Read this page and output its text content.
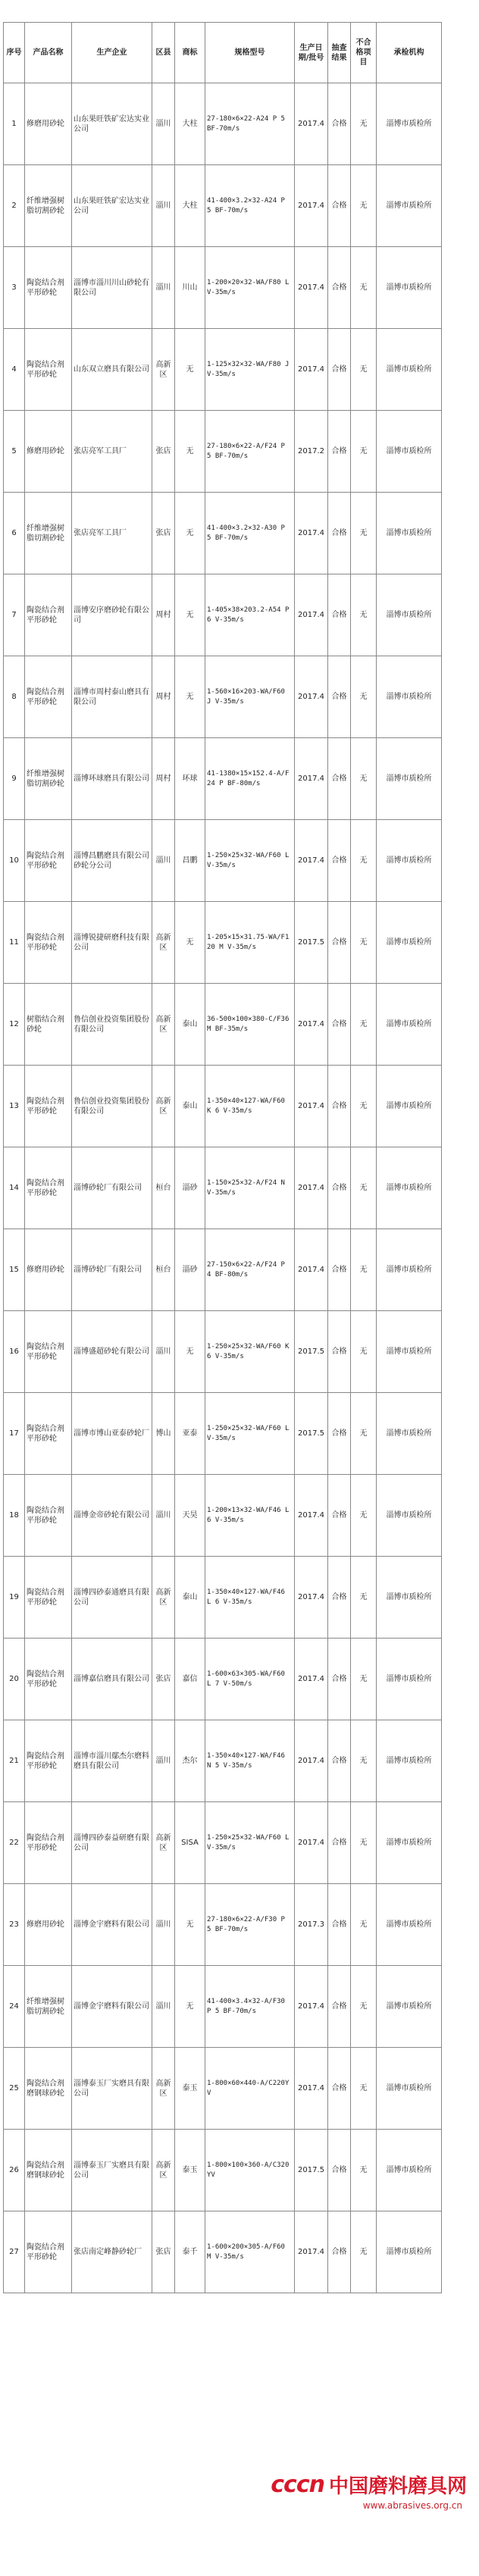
序号	产品名称	生产企业	区县	商标	规格型号	生产日期/批号	抽查结果	不合格项目	承检机构
1	修磨用砂轮	山东果旺铁矿宏达实业公司	淄川	大柱	27-180×6×22-A24 P 5 BF-70m/s	2017.4	合格	无	淄博市质检所
2	纤维增强树脂切割砂轮	山东果旺铁矿宏达实业公司	淄川	大柱	41-400×3.2×32-A24 P 5 BF-70m/s	2017.4	合格	无	淄博市质检所
3	陶瓷结合剂平形砂轮	淄博市淄川川山砂轮有限公司	淄川	川山	1-200×20×32-WA/F80 L V-35m/s	2017.4	合格	无	淄博市质检所
4	陶瓷结合剂平形砂轮	山东双立磨具有限公司	高新区	无	1-125×32×32-WA/F80 J V-35m/s	2017.4	合格	无	淄博市质检所
5	修磨用砂轮	张店亮军工具厂	张店	无	27-180×6×22-A/F24 P 5 BF-70m/s	2017.2	合格	无	淄博市质检所
6	纤维增强树脂切割砂轮	张店亮军工具厂	张店	无	41-400×3.2×32-A30 P 5 BF-70m/s	2017.4	合格	无	淄博市质检所
7	陶瓷结合剂平形砂轮	淄博安序磨砂轮有限公司	周村	无	1-405×38×203.2-A54 P 6 V-35m/s	2017.4	合格	无	淄博市质检所
8	陶瓷结合剂平形砂轮	淄博市周村泰山磨具有限公司	周村	无	1-560×16×203-WA/F60 J V-35m/s	2017.4	合格	无	淄博市质检所
9	纤维增强树脂切割砂轮	淄博环球磨具有限公司	周村	环球	41-1380×15×152.4-A/F24 P BF-80m/s	2017.4	合格	无	淄博市质检所
10	陶瓷结合剂平形砂轮	淄博昌鹏磨具有限公司砂轮分公司	淄川	昌鹏	1-250×25×32-WA/F60 L V-35m/s	2017.4	合格	无	淄博市质检所
11	陶瓷结合剂平形砂轮	淄博锐捷研磨科技有限公司	高新区	无	1-205×15×31.75-WA/F120 M V-35m/s	2017.5	合格	无	淄博市质检所
12	树脂结合剂砂轮	鲁信创业投资集团股份有限公司	高新区	泰山	36-500×100×380-C/F36 M BF-35m/s	2017.4	合格	无	淄博市质检所
13	陶瓷结合剂平形砂轮	鲁信创业投资集团股份有限公司	高新区	泰山	1-350×40×127-WA/F60 K 6 V-35m/s	2017.4	合格	无	淄博市质检所
14	陶瓷结合剂平形砂轮	淄博砂轮厂有限公司	桓台	淄砂	1-150×25×32-A/F24 N V-35m/s	2017.4	合格	无	淄博市质检所
15	修磨用砂轮	淄博砂轮厂有限公司	桓台	淄砂	27-150×6×22-A/F24 P 4 BF-80m/s	2017.4	合格	无	淄博市质检所
16	陶瓷结合剂平形砂轮	淄博盛超砂轮有限公司	淄川	无	1-250×25×32-WA/F60 K 6 V-35m/s	2017.5	合格	无	淄博市质检所
17	陶瓷结合剂平形砂轮	淄博市博山亚泰砂轮厂	博山	亚泰	1-250×25×32-WA/F60 L V-35m/s	2017.5	合格	无	淄博市质检所
18	陶瓷结合剂平形砂轮	淄博金帝砂轮有限公司	淄川	天昊	1-200×13×32-WA/F46 L 6 V-35m/s	2017.4	合格	无	淄博市质检所
19	陶瓷结合剂平形砂轮	淄博四砂泰通磨具有限公司	高新区	泰山	1-350×40×127-WA/F46 L 6 V-35m/s	2017.4	合格	无	淄博市质检所
20	陶瓷结合剂平形砂轮	淄博嘉信磨具有限公司	张店	嘉信	1-600×63×305-WA/F60 L 7 V-50m/s	2017.4	合格	无	淄博市质检所
21	陶瓷结合剂平形砂轮	淄博市淄川鄢杰尔磨料磨具有限公司	淄川	杰尔	1-350×40×127-WA/F46 N 5 V-35m/s	2017.4	合格	无	淄博市质检所
22	陶瓷结合剂平形砂轮	淄博四砂泰益研磨有限公司	高新区	SISA	1-250×25×32-WA/F60 L V-35m/s	2017.4	合格	无	淄博市质检所
23	修磨用砂轮	淄博金宇磨料有限公司	淄川	无	27-180×6×22-A/F30 P 5 BF-70m/s	2017.3	合格	无	淄博市质检所
24	纤维增强树脂切割砂轮	淄博金宇磨料有限公司	淄川	无	41-400×3.4×32-A/F30 P 5 BF-70m/s	2017.4	合格	无	淄博市质检所
25	陶瓷结合剂磨钢球砂轮	淄博泰玉厂实磨具有限公司	高新区	泰玉	1-800×60×440-A/C220YV	2017.4	合格	无	淄博市质检所
26	陶瓷结合剂磨钢球砂轮	淄博泰玉厂实磨具有限公司	高新区	泰玉	1-800×100×360-A/C320YV	2017.5	合格	无	淄博市质检所
27	陶瓷结合剂平形砂轮	张店南定峰静砂轮厂	张店	泰千	1-600×200×305-A/F60 M V-35m/s	2017.4	合格	无	淄博市质检所
cccn 中国磨料磨具网
www.abrasives.org.cn
